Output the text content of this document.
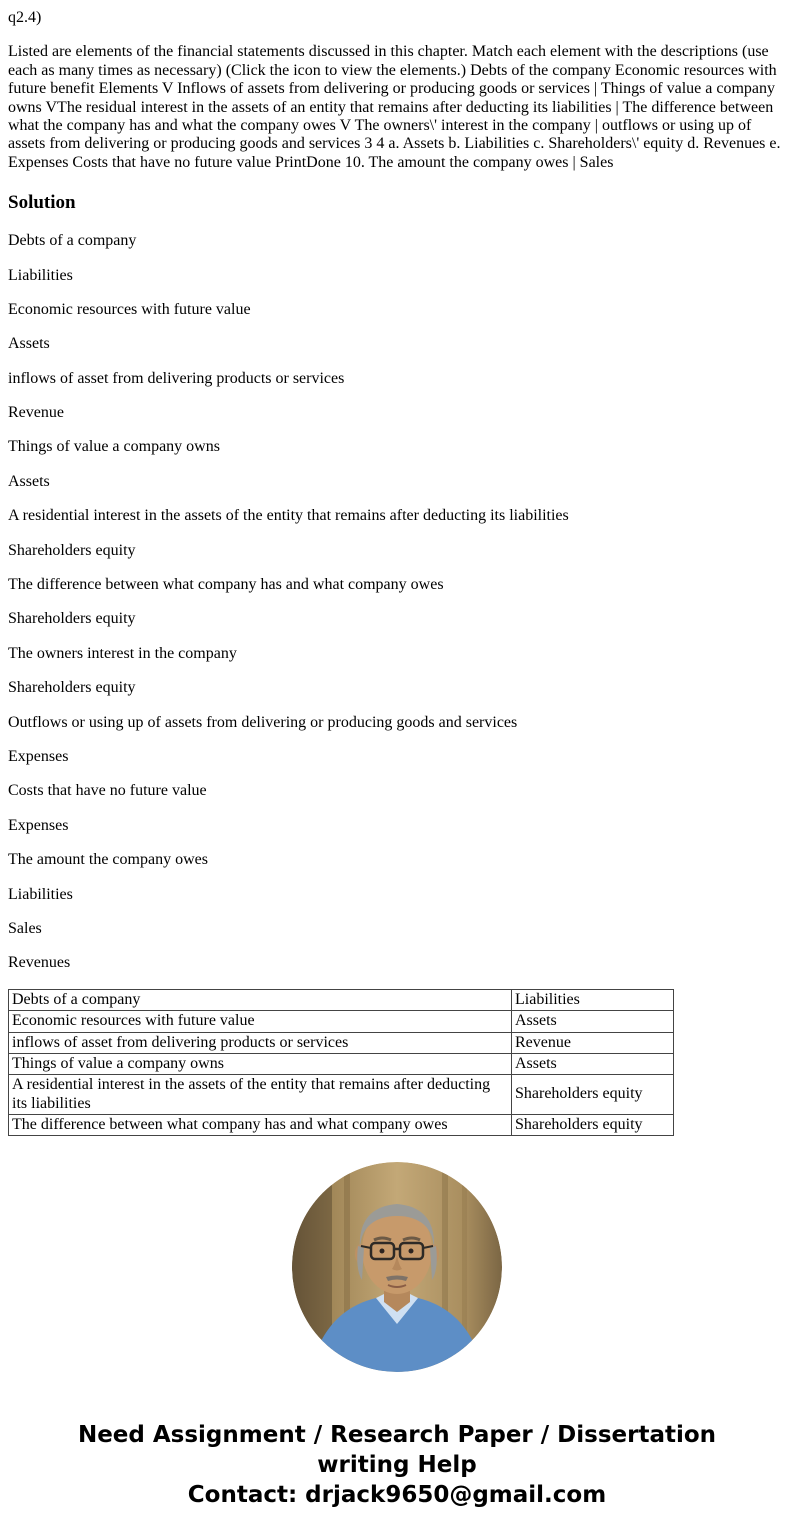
q2.4)

Listed are elements of the financial statements discussed in this chapter. Match each element with the descriptions (use each as many times as necessary) (Click the icon to view the elements.) Debts of the company Economic resources with future benefit Elements V Inflows of assets from delivering or producing goods or services | Things of value a company owns VThe residual interest in the assets of an entity that remains after deducting its liabilities | The difference between what the company has and what the company owes V The owners\' interest in the company | outflows or using up of assets from delivering or producing goods and services 3 4 a. Assets b. Liabilities c. Shareholders\' equity d. Revenues e. Expenses Costs that have no future value PrintDone 10. The amount the company owes | Sales

Solution

Debts of a company

Liabilities

Economic resources with future value

Assets

inflows of asset from delivering products or services

Revenue

Things of value a company owns

Assets

A residential interest in the assets of the entity that remains after deducting its liabilities

Shareholders equity

The difference between what company has and what company owes

Shareholders equity

The owners interest in the company

Shareholders equity

Outflows or using up of assets from delivering or producing goods and services

Expenses

Costs that have no future value

Expenses

The amount the company owes

Liabilities

Sales

Revenues

Debts of a company	Liabilities
Economic resources with future value	Assets
inflows of asset from delivering products or services	Revenue
Things of value a company owns	Assets
A residential interest in the assets of the entity that remains after deducting its liabilities	Shareholders equity
The difference between what company has and what company owes	Shareholders equity
Need Assignment / Research Paper / Dissertation
writing Help
Contact: drjack9650@gmail.com
